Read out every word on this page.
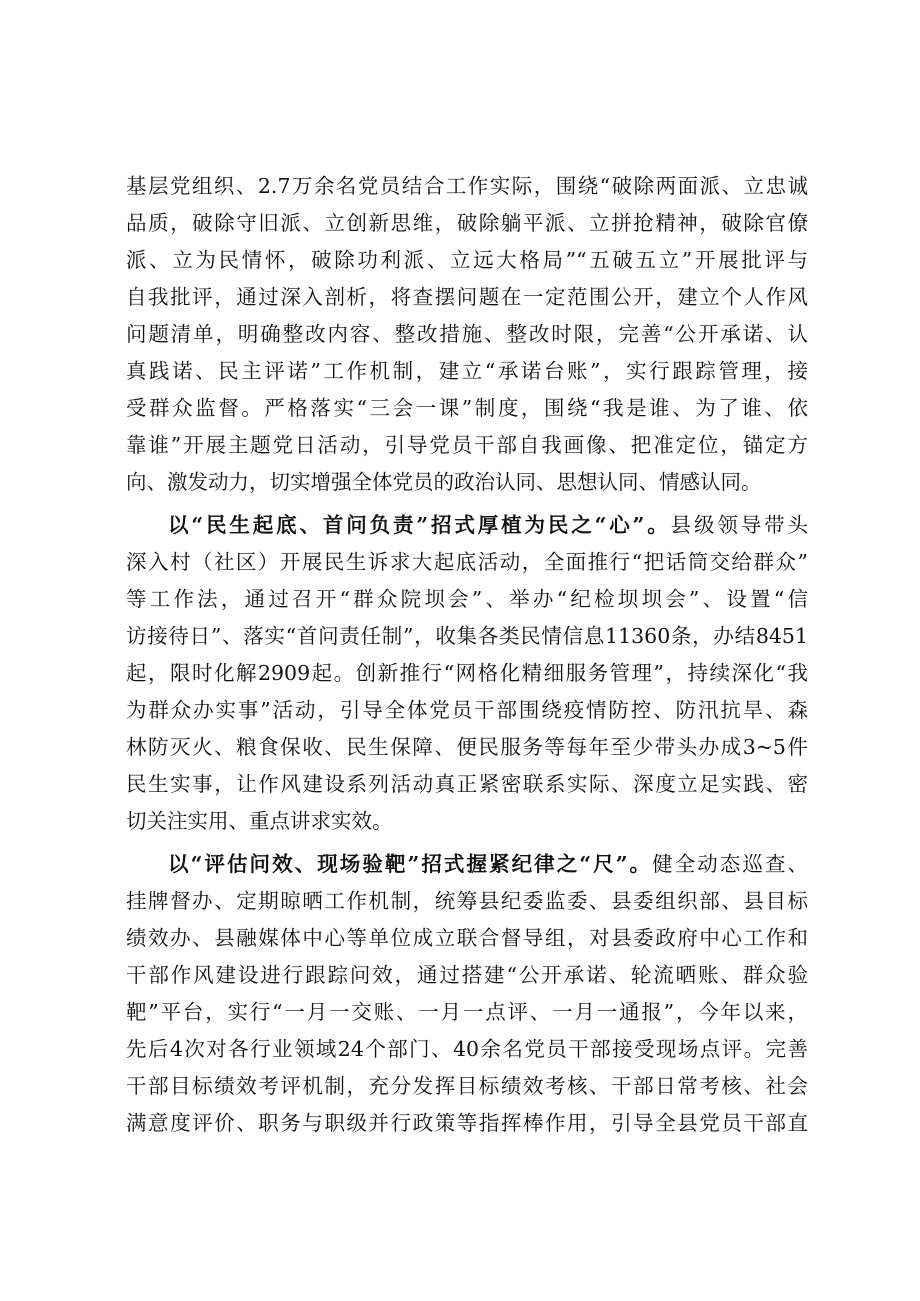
基层党组织、2.7万余名党员结合工作实际，围绕“破除两面派、立忠诚
品质，破除守旧派、立创新思维，破除躺平派、立拼抢精神，破除官僚
派、立为民情怀，破除功利派、立远大格局”“五破五立”开展批评与
自我批评，通过深入剖析，将查摆问题在一定范围公开，建立个人作风
问题清单，明确整改内容、整改措施、整改时限，完善“公开承诺、认
真践诺、民主评诺”工作机制，建立“承诺台账”，实行跟踪管理，接
受群众监督。严格落实“三会一课”制度，围绕“我是谁、为了谁、依
靠谁”开展主题党日活动，引导党员干部自我画像、把准定位，锚定方
向、激发动力，切实增强全体党员的政治认同、思想认同、情感认同。
以“民生起底、首问负责”招式厚植为民之“心”。县级领导带头
深入村（社区）开展民生诉求大起底活动，全面推行“把话筒交给群众”
等工作法，通过召开“群众院坝会”、举办“纪检坝坝会”、设置“信
访接待日”、落实“首问责任制”，收集各类民情信息11360条，办结8451
起，限时化解2909起。创新推行“网格化精细服务管理”，持续深化“我
为群众办实事”活动，引导全体党员干部围绕疫情防控、防汛抗旱、森
林防灭火、粮食保收、民生保障、便民服务等每年至少带头办成3~5件
民生实事，让作风建设系列活动真正紧密联系实际、深度立足实践、密
切关注实用、重点讲求实效。
以“评估问效、现场验靶”招式握紧纪律之“尺”。健全动态巡查、
挂牌督办、定期晾晒工作机制，统筹县纪委监委、县委组织部、县目标
绩效办、县融媒体中心等单位成立联合督导组，对县委政府中心工作和
干部作风建设进行跟踪问效，通过搭建“公开承诺、轮流晒账、群众验
靶”平台，实行“一月一交账、一月一点评、一月一通报”，今年以来，
先后4次对各行业领域24个部门、40余名党员干部接受现场点评。完善
干部目标绩效考评机制，充分发挥目标绩效考核、干部日常考核、社会
满意度评价、职务与职级并行政策等指挥棒作用，引导全县党员干部直
